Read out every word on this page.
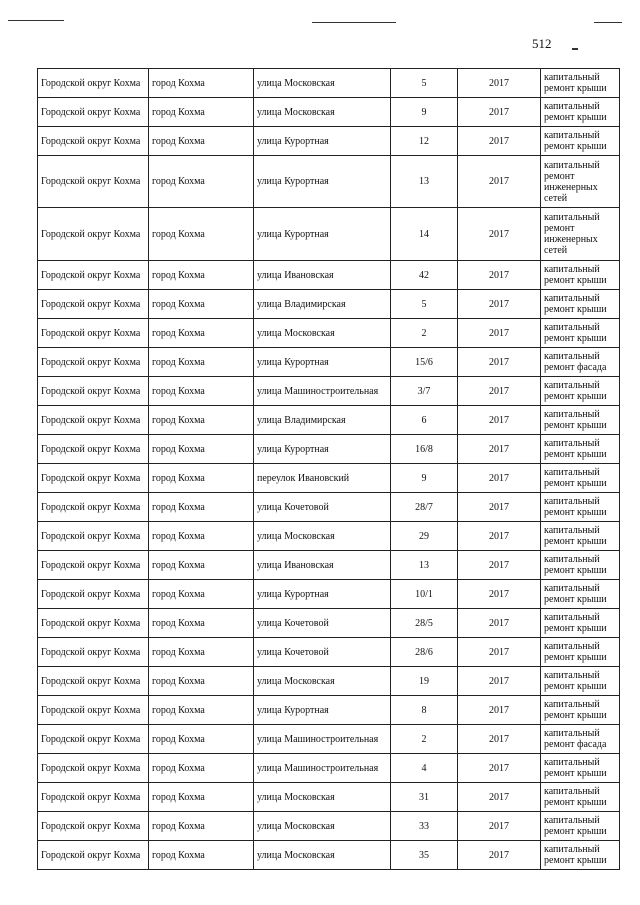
512
Городской округ Кохма	город Кохма	улица Московская	5	2017	капитальный ремонт крыши
Городской округ Кохма	город Кохма	улица Московская	9	2017	капитальный ремонт крыши
Городской округ Кохма	город Кохма	улица Курортная	12	2017	капитальный ремонт крыши
Городской округ Кохма	город Кохма	улица Курортная	13	2017	капитальный ремонт инженерных сетей
Городской округ Кохма	город Кохма	улица Курортная	14	2017	капитальный ремонт инженерных сетей
Городской округ Кохма	город Кохма	улица Ивановская	42	2017	капитальный ремонт крыши
Городской округ Кохма	город Кохма	улица Владимирская	5	2017	капитальный ремонт крыши
Городской округ Кохма	город Кохма	улица Московская	2	2017	капитальный ремонт крыши
Городской округ Кохма	город Кохма	улица Курортная	15/6	2017	капитальный ремонт фасада
Городской округ Кохма	город Кохма	улица Машиностроительная	3/7	2017	капитальный ремонт крыши
Городской округ Кохма	город Кохма	улица Владимирская	6	2017	капитальный ремонт крыши
Городской округ Кохма	город Кохма	улица Курортная	16/8	2017	капитальный ремонт крыши
Городской округ Кохма	город Кохма	переулок Ивановский	9	2017	капитальный ремонт крыши
Городской округ Кохма	город Кохма	улица Кочетовой	28/7	2017	капитальный ремонт крыши
Городской округ Кохма	город Кохма	улица Московская	29	2017	капитальный ремонт крыши
Городской округ Кохма	город Кохма	улица Ивановская	13	2017	капитальный ремонт крыши
Городской округ Кохма	город Кохма	улица Курортная	10/1	2017	капитальный ремонт крыши
Городской округ Кохма	город Кохма	улица Кочетовой	28/5	2017	капитальный ремонт крыши
Городской округ Кохма	город Кохма	улица Кочетовой	28/6	2017	капитальный ремонт крыши
Городской округ Кохма	город Кохма	улица Московская	19	2017	капитальный ремонт крыши
Городской округ Кохма	город Кохма	улица Курортная	8	2017	капитальный ремонт крыши
Городской округ Кохма	город Кохма	улица Машиностроительная	2	2017	капитальный ремонт фасада
Городской округ Кохма	город Кохма	улица Машиностроительная	4	2017	капитальный ремонт крыши
Городской округ Кохма	город Кохма	улица Московская	31	2017	капитальный ремонт крыши
Городской округ Кохма	город Кохма	улица Московская	33	2017	капитальный ремонт крыши
Городской округ Кохма	город Кохма	улица Московская	35	2017	капитальный ремонт крыши
